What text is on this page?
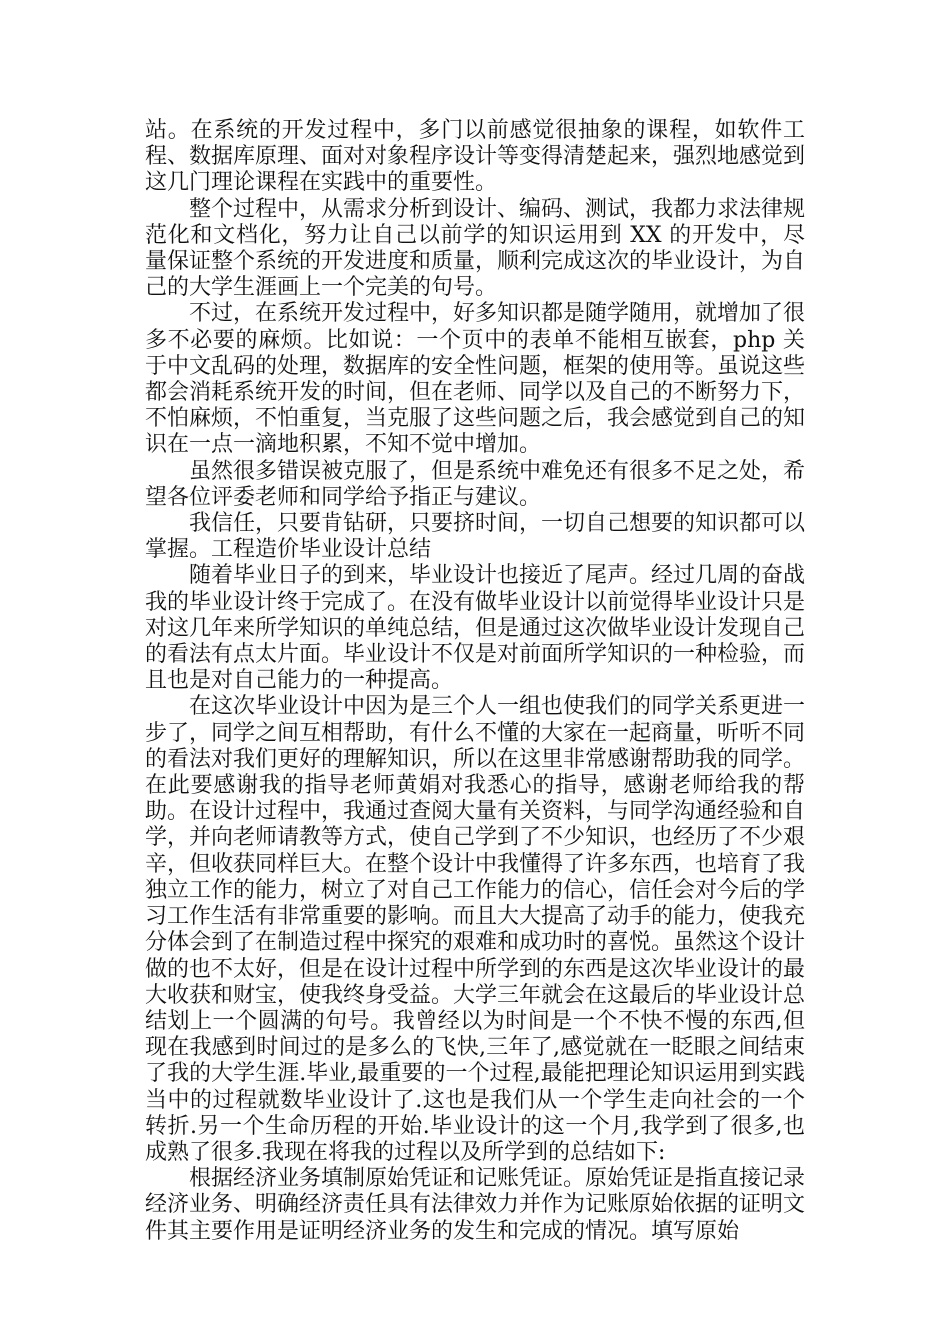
站。在系统的开发过程中，多门以前感觉很抽象的课程，如软件工程、数据库原理、面对对象程序设计等变得清楚起来，强烈地感觉到这几门理论课程在实践中的重要性。

整个过程中，从需求分析到设计、编码、测试，我都力求法律规范化和文档化，努力让自己以前学的知识运用到 XX 的开发中，尽量保证整个系统的开发进度和质量，顺利完成这次的毕业设计，为自己的大学生涯画上一个完美的句号。

不过，在系统开发过程中，好多知识都是随学随用，就增加了很多不必要的麻烦。比如说：一个页中的表单不能相互嵌套，php 关于中文乱码的处理，数据库的安全性问题，框架的使用等。虽说这些都会消耗系统开发的时间，但在老师、同学以及自己的不断努力下，不怕麻烦，不怕重复，当克服了这些问题之后，我会感觉到自己的知识在一点一滴地积累，不知不觉中增加。

虽然很多错误被克服了，但是系统中难免还有很多不足之处，希望各位评委老师和同学给予指正与建议。

我信任，只要肯钻研，只要挤时间，一切自己想要的知识都可以掌握。工程造价毕业设计总结

随着毕业日子的到来，毕业设计也接近了尾声。经过几周的奋战我的毕业设计终于完成了。在没有做毕业设计以前觉得毕业设计只是对这几年来所学知识的单纯总结，但是通过这次做毕业设计发现自己的看法有点太片面。毕业设计不仅是对前面所学知识的一种检验，而且也是对自己能力的一种提高。

在这次毕业设计中因为是三个人一组也使我们的同学关系更进一步了，同学之间互相帮助，有什么不懂的大家在一起商量，听听不同的看法对我们更好的理解知识，所以在这里非常感谢帮助我的同学。在此要感谢我的指导老师黄娟对我悉心的指导，感谢老师给我的帮助。在设计过程中，我通过查阅大量有关资料，与同学沟通经验和自学，并向老师请教等方式，使自己学到了不少知识，也经历了不少艰辛，但收获同样巨大。在整个设计中我懂得了许多东西，也培育了我独立工作的能力，树立了对自己工作能力的信心，信任会对今后的学习工作生活有非常重要的影响。而且大大提高了动手的能力，使我充分体会到了在制造过程中探究的艰难和成功时的喜悦。虽然这个设计做的也不太好，但是在设计过程中所学到的东西是这次毕业设计的最大收获和财宝，使我终身受益。大学三年就会在这最后的毕业设计总结划上一个圆满的句号。我曾经以为时间是一个不快不慢的东西,但现在我感到时间过的是多么的飞快,三年了,感觉就在一眨眼之间结束了我的大学生涯.毕业,最重要的一个过程,最能把理论知识运用到实践当中的过程就数毕业设计了.这也是我们从一个学生走向社会的一个转折.另一个生命历程的开始.毕业设计的这一个月,我学到了很多,也成熟了很多.我现在将我的过程以及所学到的总结如下:

根据经济业务填制原始凭证和记账凭证。原始凭证是指直接记录经济业务、明确经济责任具有法律效力并作为记账原始依据的证明文件其主要作用是证明经济业务的发生和完成的情况。填写原始
